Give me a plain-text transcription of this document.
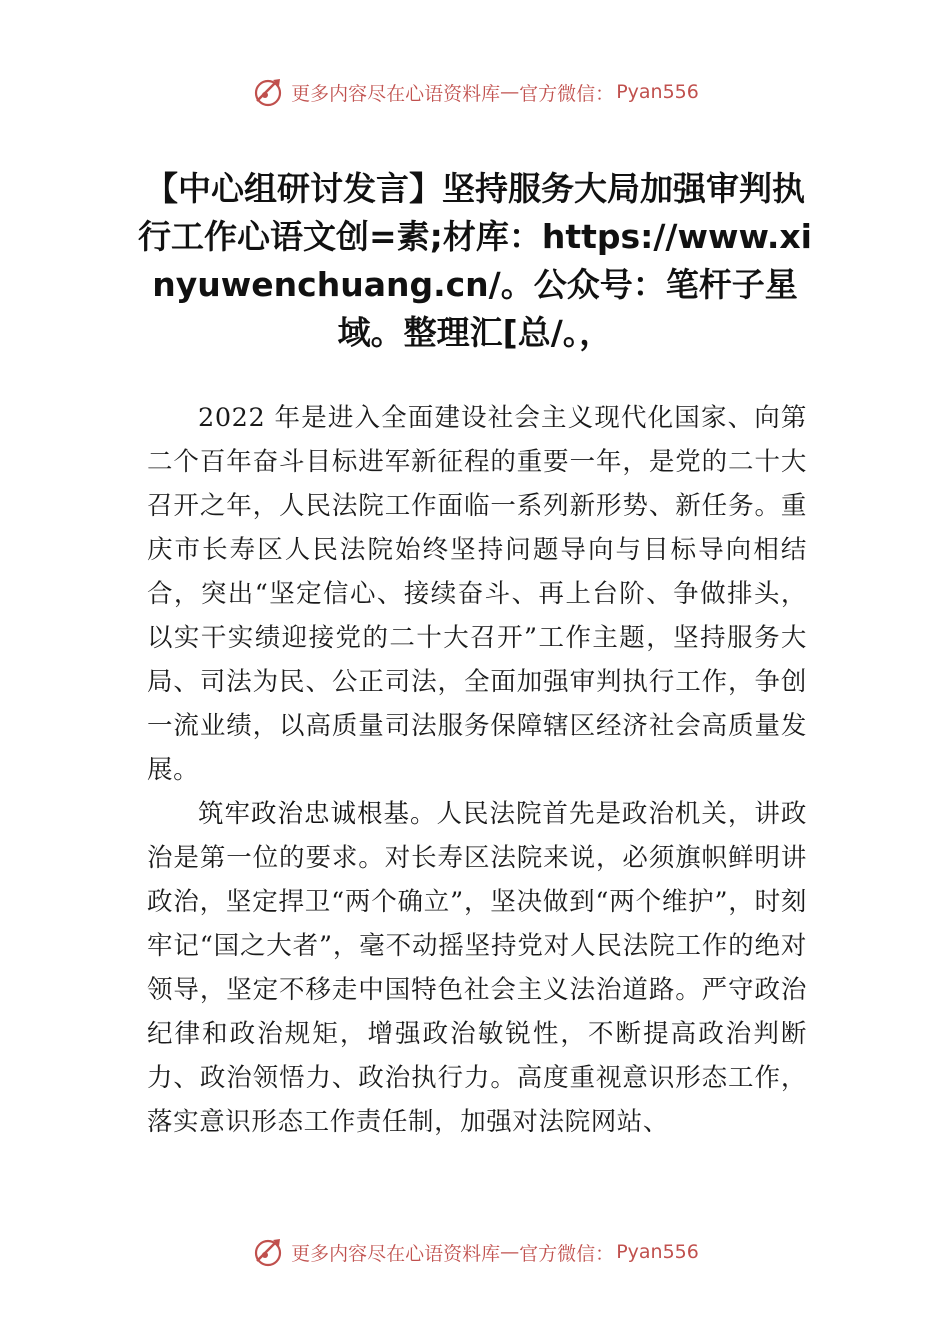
更多内容尽在心语资料库 — 官方微信： Pyan556
【中心组研讨发言】坚持服务大局加强审判执行工作心语文创=素;材库：https://www.xinyuwenchuang.cn/。公众号：笔杆子星域。整理汇[总/。，

2022 年是进入全面建设社会主义现代化国家、向第二个百年奋斗目标进军新征程的重要一年，是党的二十大召开之年，人民法院工作面临一系列新形势、新任务。重庆市长寿区人民法院始终坚持问题导向与目标导向相结合，突出“坚定信心、接续奋斗、再上台阶、争做排头，以实干实绩迎接党的二十大召开”工作主题，坚持服务大局、司法为民、公正司法，全面加强审判执行工作，争创一流业绩，以高质量司法服务保障辖区经济社会高质量发展。

筑牢政治忠诚根基。人民法院首先是政治机关，讲政治是第一位的要求。对长寿区法院来说，必须旗帜鲜明讲政治，坚定捍卫“两个确立”，坚决做到“两个维护”，时刻牢记“国之大者”，毫不动摇坚持党对人民法院工作的绝对领导，坚定不移走中国特色社会主义法治道路。严守政治纪律和政治规矩，增强政治敏锐性，不断提高政治判断力、政治领悟力、政治执行力。高度重视意识形态工作，落实意识形态工作责任制，加强对法院网站、

更多内容尽在心语资料库 — 官方微信： Pyan556
